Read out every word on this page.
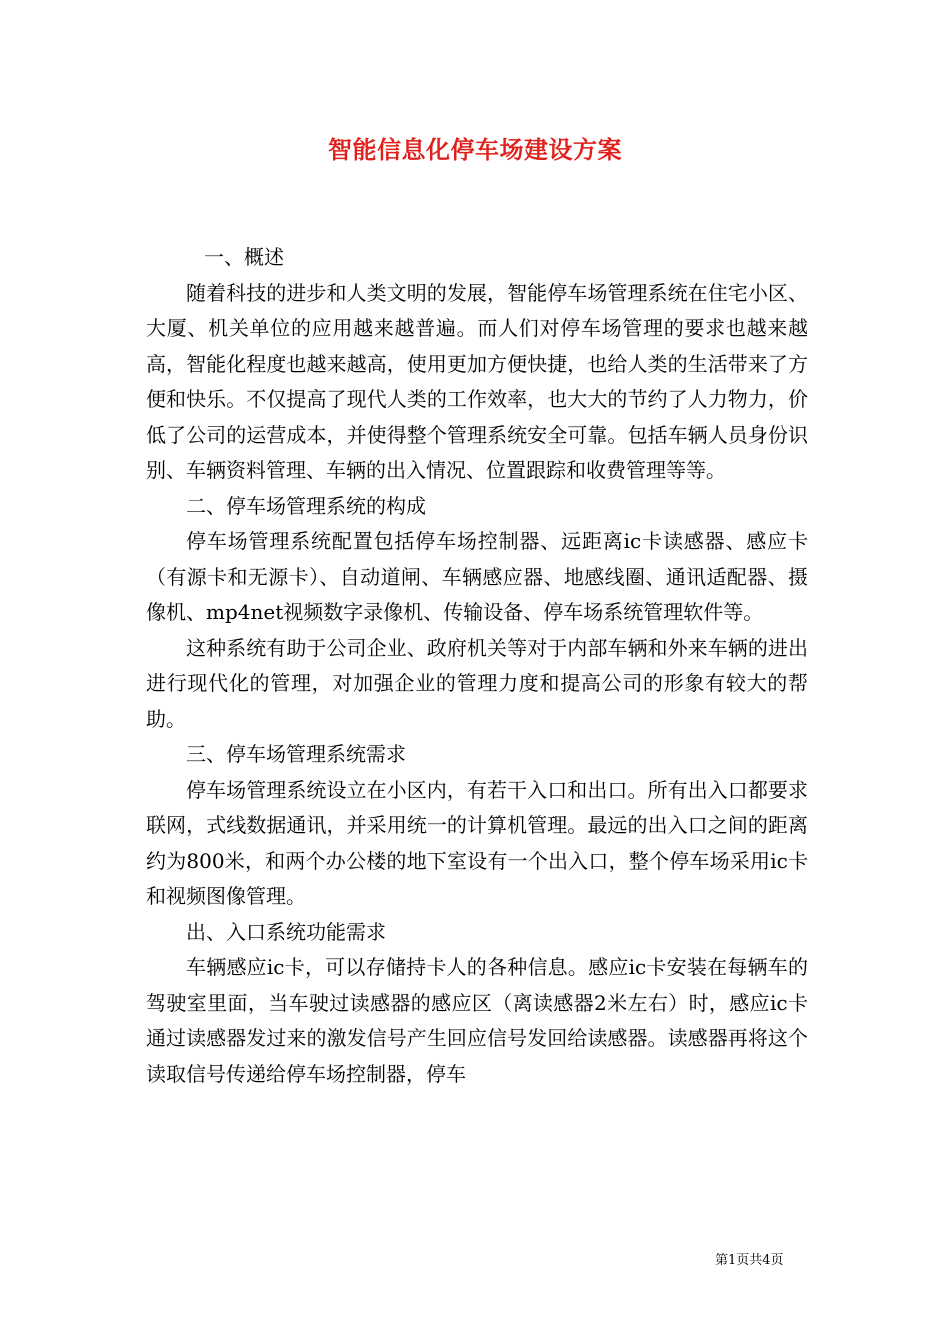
智能信息化停车场建设方案

一、概述

随着科技的进步和人类文明的发展，智能停车场管理系统在住宅小区、大厦、机关单位的应用越来越普遍。而人们对停车场管理的要求也越来越高，智能化程度也越来越高，使用更加方便快捷，也给人类的生活带来了方便和快乐。不仅提高了现代人类的工作效率，也大大的节约了人力物力，价低了公司的运营成本，并使得整个管理系统安全可靠。包括车辆人员身份识别、车辆资料管理、车辆的出入情况、位置跟踪和收费管理等等。

二、停车场管理系统的构成

停车场管理系统配置包括停车场控制器、远距离ic卡读感器、感应卡（有源卡和无源卡）、自动道闸、车辆感应器、地感线圈、通讯适配器、摄像机、mp4net视频数字录像机、传输设备、停车场系统管理软件等。

这种系统有助于公司企业、政府机关等对于内部车辆和外来车辆的进出进行现代化的管理，对加强企业的管理力度和提高公司的形象有较大的帮助。

三、停车场管理系统需求

停车场管理系统设立在小区内，有若干入口和出口。所有出入口都要求联网，式线数据通讯，并采用统一的计算机管理。最远的出入口之间的距离约为800米，和两个办公楼的地下室设有一个出入口，整个停车场采用ic卡和视频图像管理。

出、入口系统功能需求

车辆感应ic卡，可以存储持卡人的各种信息。感应ic卡安装在每辆车的驾驶室里面，当车驶过读感器的感应区（离读感器2米左右）时，感应ic卡通过读感器发过来的激发信号产生回应信号发回给读感器。读感器再将这个读取信号传递给停车场控制器，停车

第1页共4页
